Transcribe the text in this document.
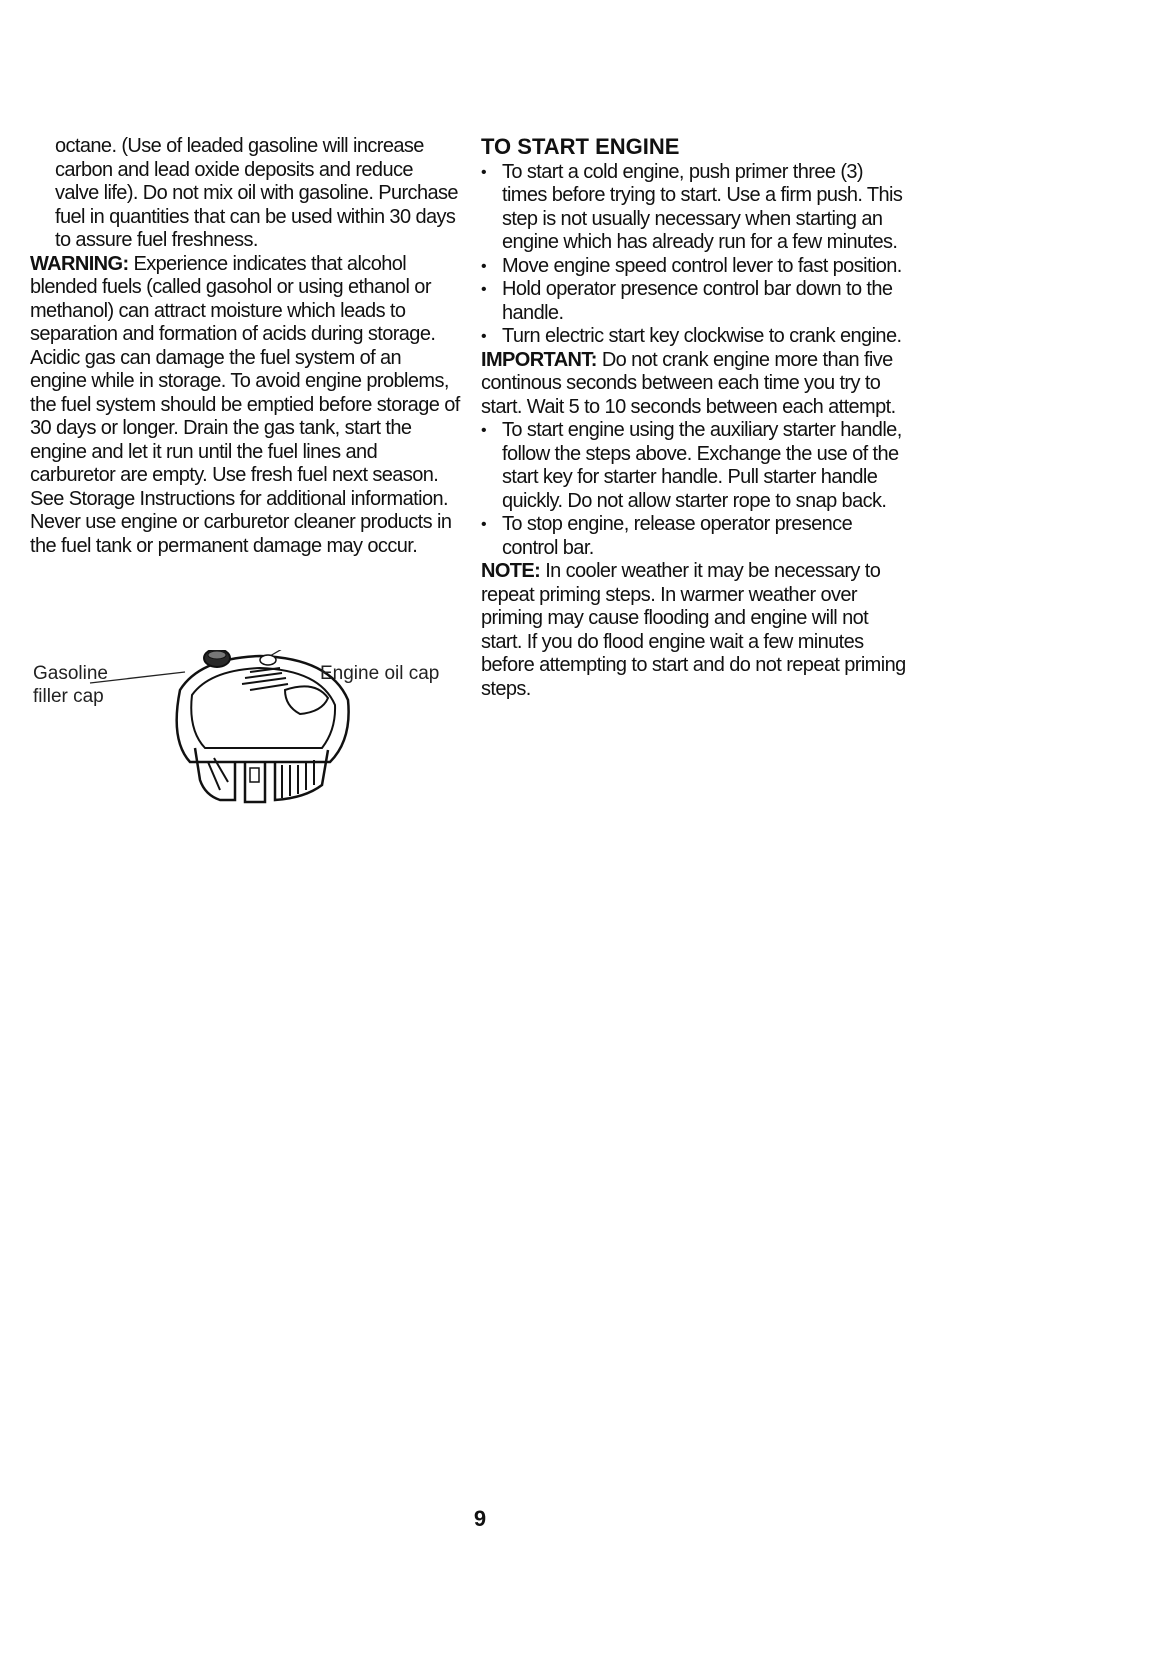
octane. (Use of leaded gasoline will increase carbon and lead oxide deposits and reduce valve life). Do not mix oil with gasoline. Purchase fuel in quantities that can be used within 30 days to assure fuel freshness.

WARNING: Experience indicates that alcohol blended fuels (called gasohol or using ethanol or methanol) can attract moisture which leads to separation and formation of acids during storage. Acidic gas can damage the fuel system of an engine while in storage. To avoid engine problems, the fuel system should be emptied before storage of 30 days or longer. Drain the gas tank, start the engine and let it run until the fuel lines and carburetor are empty. Use fresh fuel next season. See Storage Instructions for additional information. Never use engine or carburetor cleaner products in the fuel tank or permanent damage may occur.

Gasoline filler cap
Engine oil cap
TO START ENGINE
• To start a cold engine, push primer three (3) times before trying to start. Use a firm push. This step is not usually necessary when starting an engine which has already run for a few minutes.
• Move engine speed control lever to fast position.
• Hold operator presence control bar down to the handle.
• Turn electric start key clockwise to crank engine.

IMPORTANT: Do not crank engine more than five continous seconds between each time you try to start. Wait 5 to 10 seconds between each attempt.

• To start engine using the auxiliary starter handle, follow the steps above. Exchange the use of the start key for starter handle. Pull starter handle quickly. Do not allow starter rope to snap back.
• To stop engine, release operator presence control bar.

NOTE: In cooler weather it may be necessary to repeat priming steps. In warmer weather over priming may cause flooding and engine will not start. If you do flood engine wait a few minutes before attempting to start and do not repeat priming steps.

9
